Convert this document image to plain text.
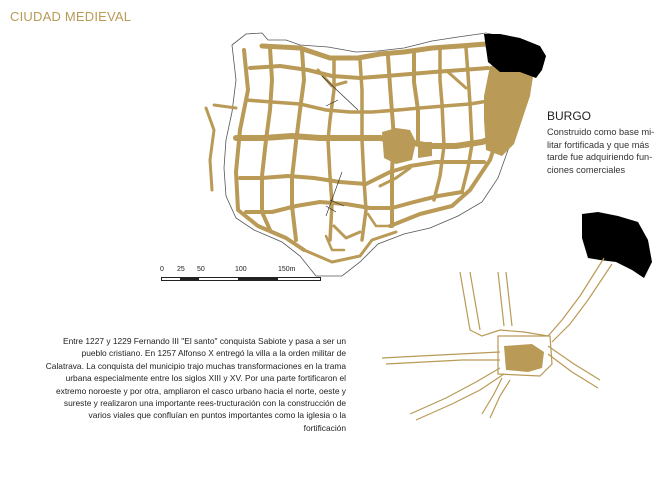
CIUDAD MEDIEVAL
BURGO
Construido como base mi-litar fortificada y que más tarde fue adquiriendo fun-ciones comerciales
0 25 50	100	150m
Entre 1227 y 1229 Fernando III "El santo" conquista Sabiote y pasa a ser un pueblo cristiano. En 1257 Alfonso X entregó la villa a la orden militar de Calatrava. La conquista del municipio trajo muchas transformaciones en la trama urbana especialmente entre los siglos XIII y XV. Por una parte fortificaron el extremo noroeste y por otra, ampliaron el casco urbano hacia el norte, oeste y sureste y realizaron una importante rees-tructuración con la construcción de varios viales que confluían en puntos importantes como la iglesia o la fortificación
